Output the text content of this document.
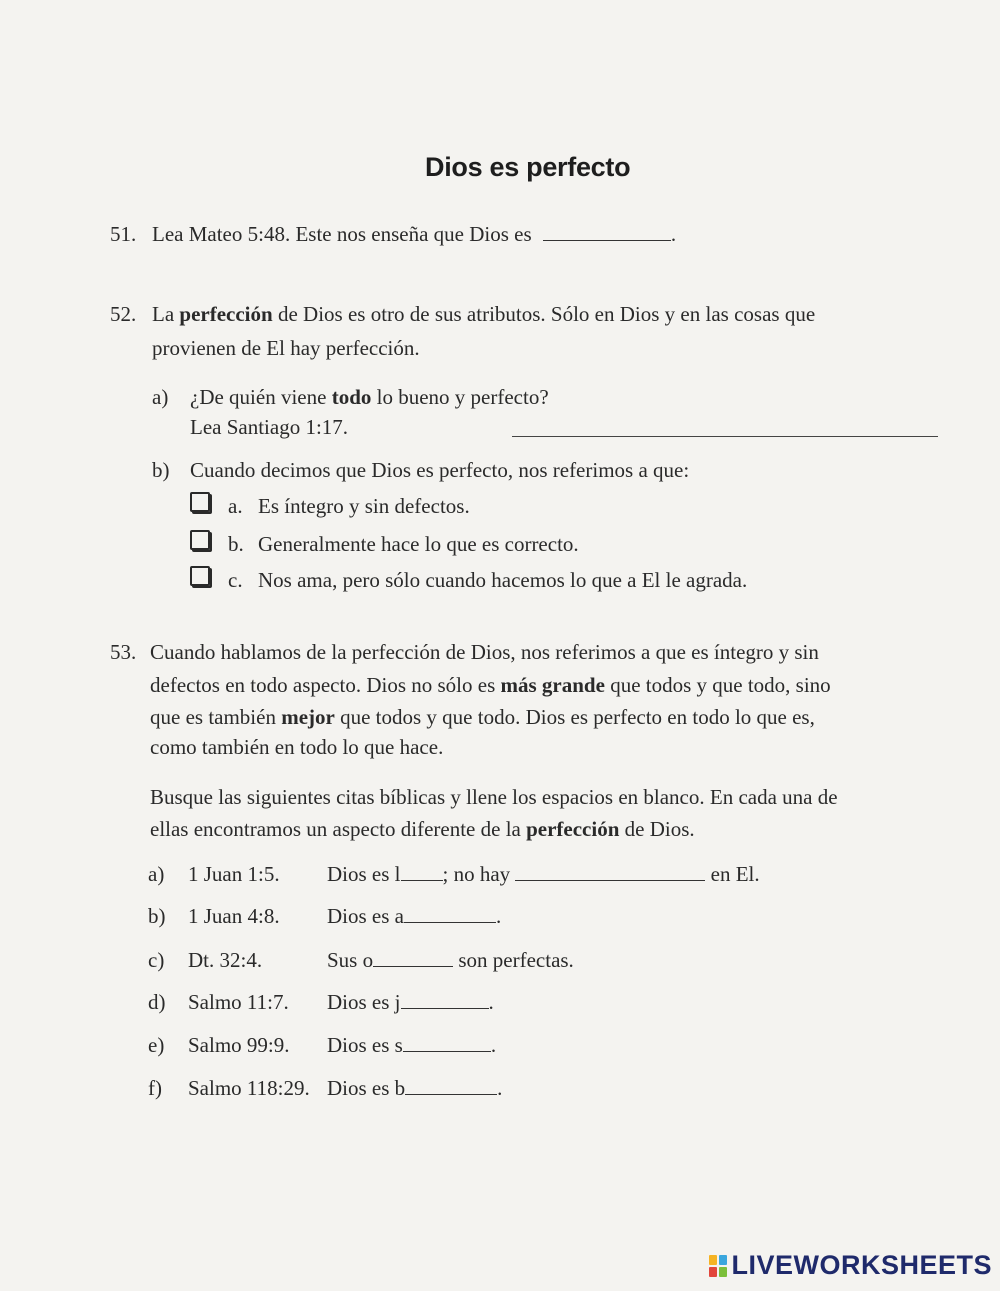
Dios es perfecto
51. Lea Mateo 5:48. Este nos enseña que Dios es	.
52. La perfección de Dios es otro de sus atributos. Sólo en Dios y en las cosas que
provienen de El hay perfección.
a) ¿De quién viene todo lo bueno y perfecto?
Lea Santiago 1:17.
b) Cuando decimos que Dios es perfecto, nos referimos a que:
a. Es íntegro y sin defectos.
b. Generalmente hace lo que es correcto.
c. Nos ama, pero sólo cuando hacemos lo que a El le agrada.
53. Cuando hablamos de la perfección de Dios, nos referimos a que es íntegro y sin
defectos en todo aspecto. Dios no sólo es más grande que todos y que todo, sino
que es también mejor que todos y que todo. Dios es perfecto en todo lo que es,
como también en todo lo que hace.
Busque las siguientes citas bíblicas y llene los espacios en blanco. En cada una de
ellas encontramos un aspecto diferente de la perfección de Dios.
a) 1 Juan 1:5. Dios es l ; no hay	en El.
b) 1 Juan 4:8. Dios es a	.
c) Dt. 32:4.	Sus o	son perfectas.
d) Salmo 11:7. Dios es j	.
e) Salmo 99:9. Dios es s	.
f) Salmo 118:29. Dios es b	.
LIVEWORKSHEETS
